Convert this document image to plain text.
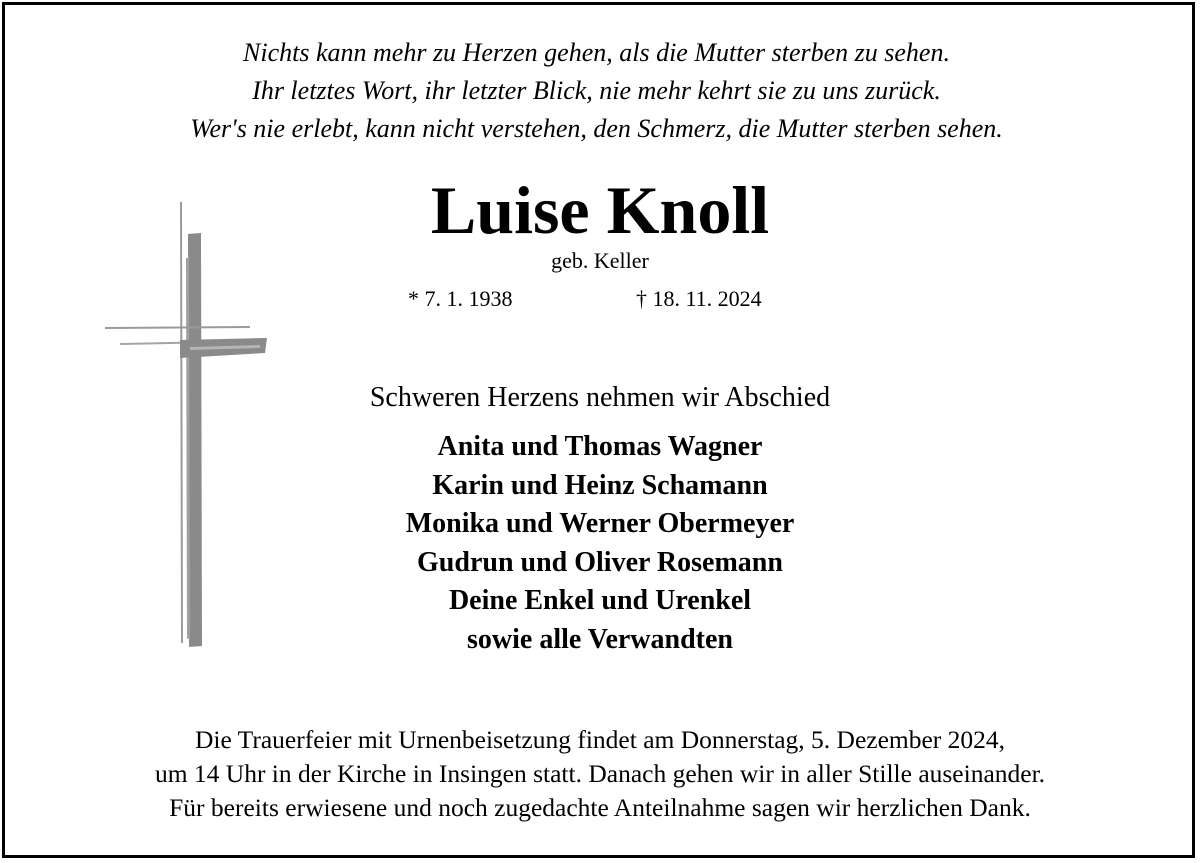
Nichts kann mehr zu Herzen gehen, als die Mutter sterben zu sehen.
Ihr letztes Wort, ihr letzter Blick, nie mehr kehrt sie zu uns zurück.
Wer's nie erlebt, kann nicht verstehen, den Schmerz, die Mutter sterben sehen.
Luise Knoll
geb. Keller
* 7. 1. 1938	† 18. 11. 2024
Schweren Herzens nehmen wir Abschied
Anita und Thomas Wagner
Karin und Heinz Schamann
Monika und Werner Obermeyer
Gudrun und Oliver Rosemann
Deine Enkel und Urenkel
sowie alle Verwandten
Die Trauerfeier mit Urnenbeisetzung findet am Donnerstag, 5. Dezember 2024,
um 14 Uhr in der Kirche in Insingen statt. Danach gehen wir in aller Stille auseinander.
Für bereits erwiesene und noch zugedachte Anteilnahme sagen wir herzlichen Dank.
